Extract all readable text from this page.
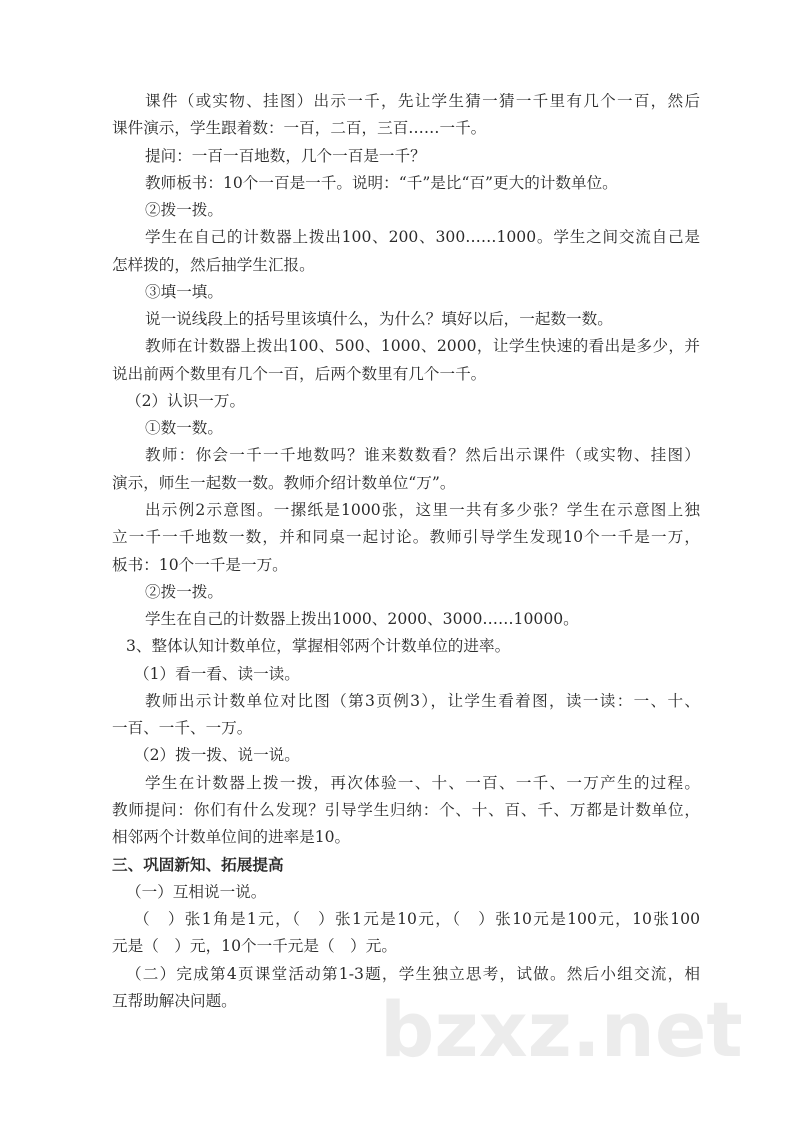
课件（或实物、挂图）出示一千，先让学生猜一猜一千里有几个一百，然后
课件演示，学生跟着数：一百，二百，三百……一千。
提问：一百一百地数，几个一百是一千？
教师板书：10个一百是一千。说明：“千”是比“百”更大的计数单位。
②拨一拨。
学生在自己的计数器上拨出100、200、300……1000。学生之间交流自己是
怎样拨的，然后抽学生汇报。
③填一填。
说一说线段上的括号里该填什么，为什么？填好以后，一起数一数。
教师在计数器上拨出100、500、1000、2000，让学生快速的看出是多少，并
说出前两个数里有几个一百，后两个数里有几个一千。
（2）认识一万。
①数一数。
教师：你会一千一千地数吗？谁来数数看？然后出示课件（或实物、挂图）
演示，师生一起数一数。教师介绍计数单位“万”。
出示例2示意图。一摞纸是1000张，这里一共有多少张？学生在示意图上独
立一千一千地数一数，并和同桌一起讨论。教师引导学生发现10个一千是一万，
板书：10个一千是一万。
②拨一拨。
学生在自己的计数器上拨出1000、2000、3000……10000。
3、整体认知计数单位，掌握相邻两个计数单位的进率。
（1）看一看、读一读。
教师出示计数单位对比图（第3页例3），让学生看着图，读一读：一、十、
一百、一千、一万。
（2）拨一拨、说一说。
学生在计数器上拨一拨，再次体验一、十、一百、一千、一万产生的过程。
教师提问：你们有什么发现？引导学生归纳：个、十、百、千、万都是计数单位，
相邻两个计数单位间的进率是10。
三、巩固新知、拓展提高
（一）互相说一说。
（　）张1角是1元，（　）张1元是10元，（　）张10元是100元，10张100
元是（　）元，10个一千元是（　）元。
（二）完成第4页课堂活动第1-3题，学生独立思考，试做。然后小组交流，相
互帮助解决问题。	bzxz.net
